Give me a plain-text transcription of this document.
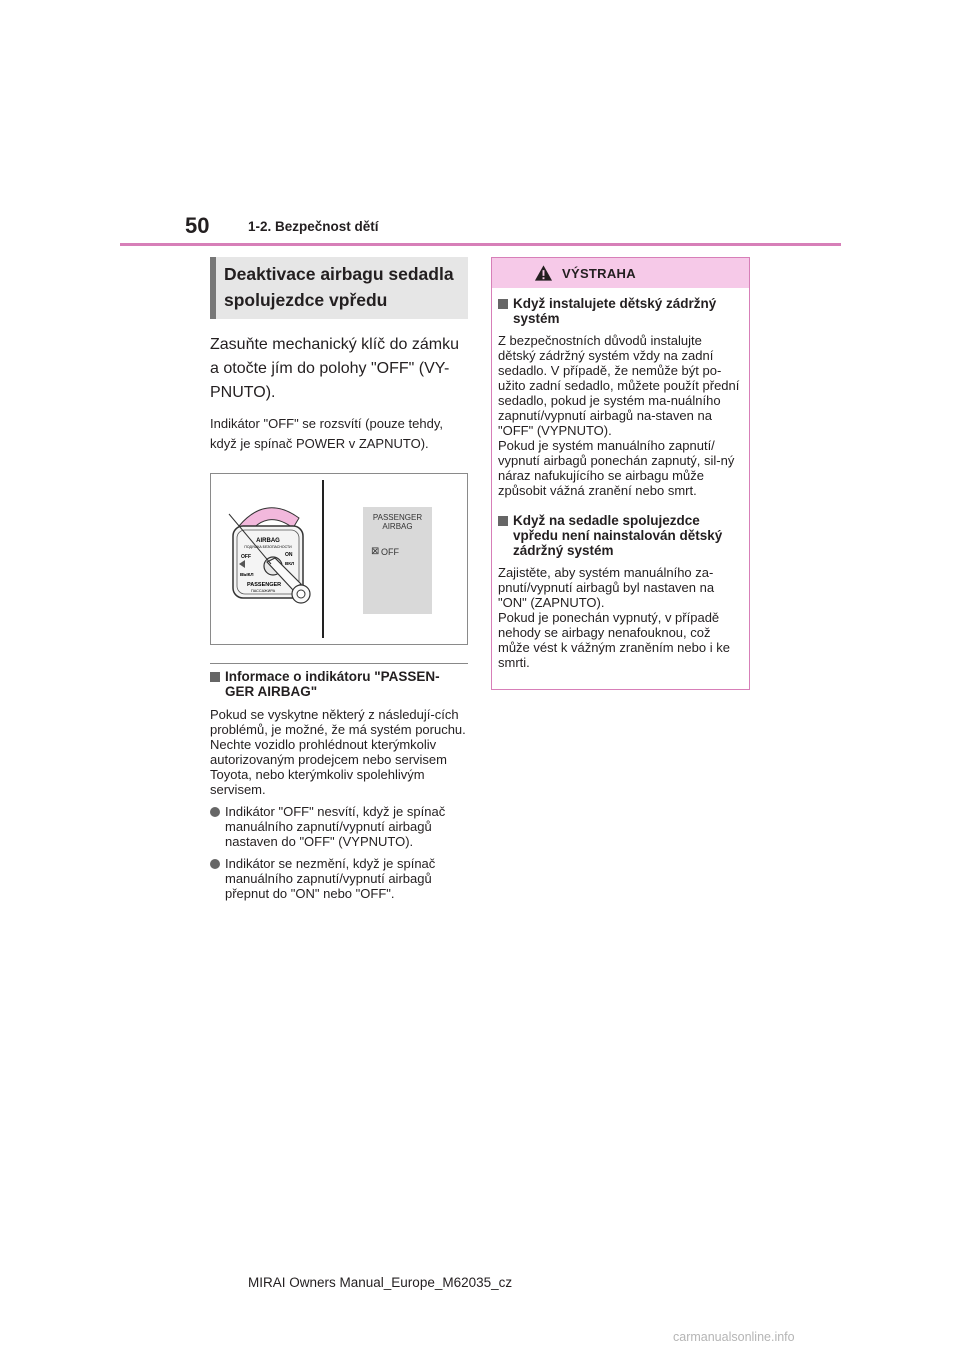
50	1-2. Bezpečnost dětí
Deaktivace airbagu sedadla spolujezdce vpředu

Zasuňte mechanický klíč do zámku a otočte jím do polohy "OFF" (VY-PNUTO).

Indikátor "OFF" se rozsvítí (pouze tehdy, když je spínač POWER v ZAPNUTO).

AIRBAG
ПОДУШКА БЕЗОПАСНОСТИ
OFF	ON
ВЫКЛ
ВКЛ
PASSENGER
ПАССАЖИРА
PASSENGER
AIRBAG
⊠ OFF
Informace o indikátoru "PASSEN-GER AIRBAG"

Pokud se vyskytne některý z následují-cích problémů, je možné, že má systém poruchu. Nechte vozidlo prohlédnout kterýmkoliv autorizovaným prodejcem nebo servisem Toyota, nebo kterýmkoliv spolehlivým servisem.

Indikátor "OFF" nesvítí, když je spínač manuálního zapnutí/vypnutí airbagů nastaven do "OFF" (VYPNUTO).
Indikátor se nezmění, když je spínač manuálního zapnutí/vypnutí airbagů přepnut do "ON" nebo "OFF".
VÝSTRAHA
Když instalujete dětský zádržný systém

Z bezpečnostních důvodů instalujte dětský zádržný systém vždy na zadní sedadlo. V případě, že nemůže být po-užito zadní sedadlo, můžete použít přední sedadlo, pokud je systém ma-nuálního zapnutí/vypnutí airbagů na-staven na "OFF" (VYPNUTO).

Pokud je systém manuálního zapnutí/ vypnutí airbagů ponechán zapnutý, sil-ný náraz nafukujícího se airbagu může způsobit vážná zranění nebo smrt.

Když na sedadle spolujezdce vpředu není nainstalován dětský zádržný systém

Zajistěte, aby systém manuálního za-pnutí/vypnutí airbagů byl nastaven na "ON" (ZAPNUTO).

Pokud je ponechán vypnutý, v případě nehody se airbagy nenafouknou, což může vést k vážným zraněním nebo i ke smrti.

MIRAI Owners Manual_Europe_M62035_cz
carmanualsonline.info
